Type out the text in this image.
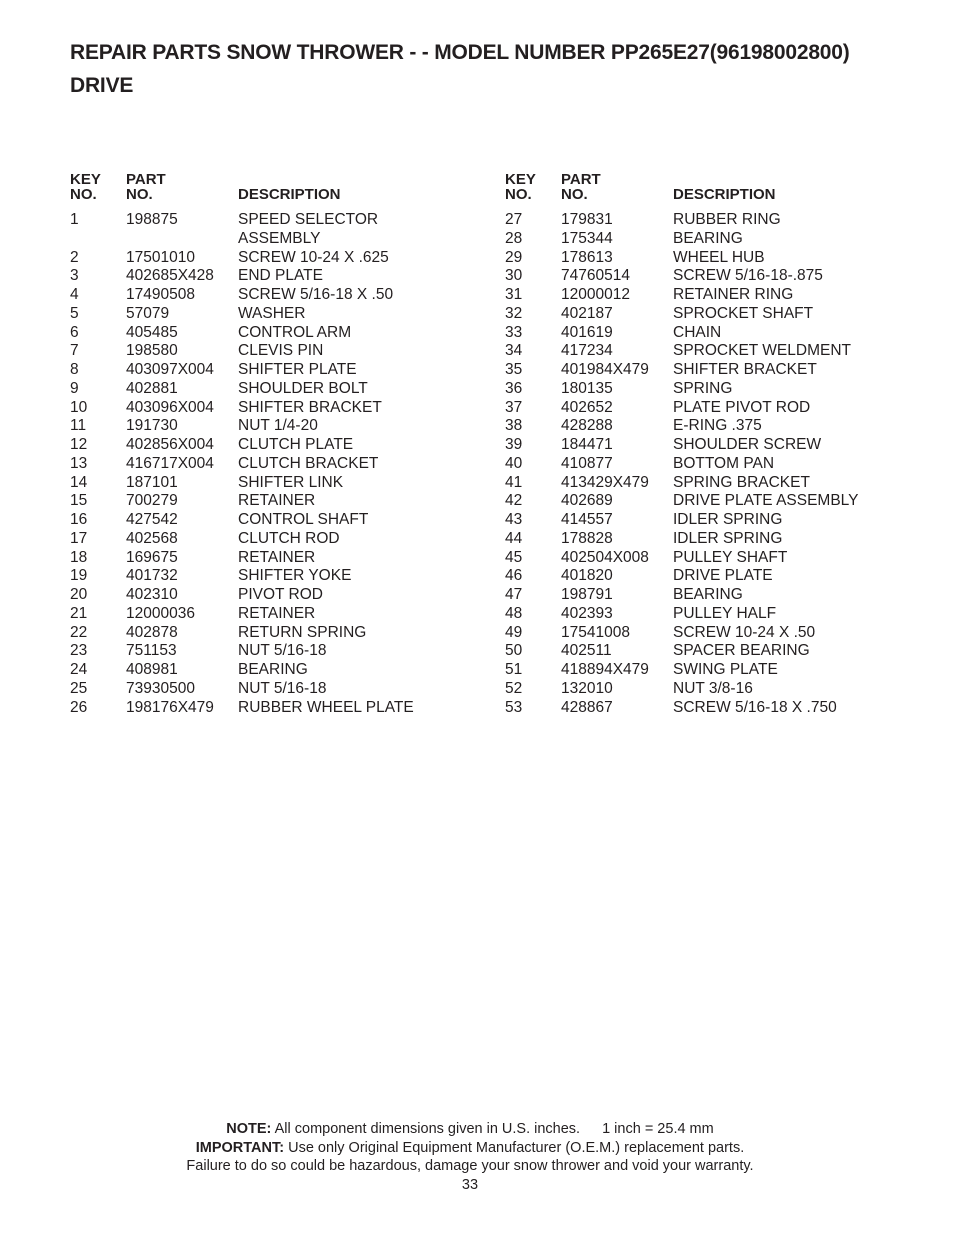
REPAIR PARTS SNOW THROWER - - MODEL NUMBER PP265E27(96198002800)
DRIVE
KEY
NO.
PART
NO.	DESCRIPTION
1	198875	SPEED SELECTOR ASSEMBLY
2	17501010	SCREW 10-24 X .625
3	402685X428 END PLATE
4	17490508	SCREW 5/16-18 X .50
5	57079	WASHER
6	405485	CONTROL ARM
7	198580	CLEVIS PIN
8	403097X004 SHIFTER PLATE
9	402881	SHOULDER BOLT
10	403096X004 SHIFTER BRACKET
11	191730	NUT 1/4-20
12	402856X004 CLUTCH PLATE
13	416717X004 CLUTCH BRACKET
14	187101	SHIFTER LINK
15	700279	RETAINER
16	427542	CONTROL SHAFT
17	402568	CLUTCH ROD
18	169675	RETAINER
19	401732	SHIFTER YOKE
20	402310	PIVOT ROD
21	12000036	RETAINER
22	402878	RETURN SPRING
23	751153	NUT 5/16-18
24	408981	BEARING
25	73930500	NUT 5/16-18
26	198176X479 RUBBER WHEEL PLATE
KEY
NO.
PART
NO.	DESCRIPTION
27	179831	RUBBER RING
28	175344	BEARING
29	178613	WHEEL HUB
30	74760514	SCREW 5/16-18-.875
31	12000012	RETAINER RING
32	402187	SPROCKET SHAFT
33	401619	CHAIN
34	417234	SPROCKET WELDMENT
35	401984X479 SHIFTER BRACKET
36	180135	SPRING
37	402652	PLATE PIVOT ROD
38	428288	E-RING .375
39	184471	SHOULDER SCREW
40	410877	BOTTOM PAN
41	413429X479 SPRING BRACKET
42	402689	DRIVE PLATE ASSEMBLY
43	414557	IDLER SPRING
44	178828	IDLER SPRING
45	402504X008 PULLEY SHAFT
46	401820	DRIVE PLATE
47	198791	BEARING
48	402393	PULLEY HALF
49	17541008	SCREW 10-24 X .50
50	402511	SPACER BEARING
51	418894X479 SWING PLATE
52	132010	NUT 3/8-16
53	428867	SCREW 5/16-18 X .750
NOTE: All component dimensions given in U.S. inches. 1 inch = 25.4 mm
IMPORTANT: Use only Original Equipment Manufacturer (O.E.M.) replacement parts.
Failure to do so could be hazardous, damage your snow thrower and void your warranty.
33
